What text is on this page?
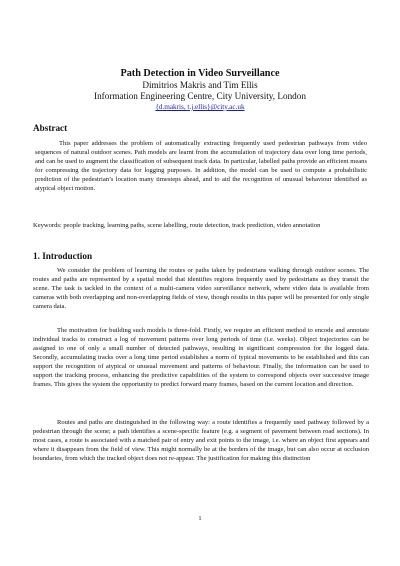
Path Detection in Video Surveillance
Dimitrios Makris and Tim Ellis
Information Engineering Centre, City University, London
{d.makris, t.j.ellis}@city.ac.uk
Abstract
This paper addresses the problem of automatically extracting frequently used pedestrian pathways from video sequences of natural outdoor scenes. Path models are learnt from the accumulation of trajectory data over long time periods, and can be used to augment the classification of subsequent track data. In particular, labelled paths provide an efficient means for compressing the trajectory data for logging purposes. In addition, the model can be used to compute a probabilistic prediction of the pedestrian’s location many timesteps ahead, and to aid the recognition of unusual behaviour identified as atypical object motion.
Keywords: people tracking, learning paths, scene labelling, route detection, track prediction, video annotation
1. Introduction
We consider the problem of learning the routes or paths taken by pedestrians walking through outdoor scenes. The routes and paths are represented by a spatial model that identifies regions frequently used by pedestrians as they transit the scene. The task is tackled in the context of a multi-camera video surveillance network, where video data is available from cameras with both overlapping and non-overlapping fields of view, though results in this paper will be presented for only single camera data.
The motivation for building such models is three-fold. Firstly, we require an efficient method to encode and annotate individual tracks to construct a log of movement patterns over long periods of time (i.e. weeks). Object trajectories can be assigned to one of only a small number of detected pathways, resulting in significant compression for the logged data. Secondly, accumulating tracks over a long time period establishes a norm of typical movements to be established and this can support the recognition of atypical or unusual movement and patterns of behaviour. Finally, the information can be used to support the tracking process, enhancing the predictive capabilities of the system to correspond objects over successive image frames. This gives the system the opportunity to predict forward many frames, based on the current location and direction.
Routes and paths are distinguished in the following way: a route identifies a frequently used pathway followed by a pedestrian through the scene; a path identifies a scene-specific feature (e.g. a segment of pavement between road sections). In most cases, a route is associated with a matched pair of entry and exit points to the image, i.e. where an object first appears and where it disappears from the field of view. This might normally be at the borders of the image, but can also occur at occlusion boundaries, from which the tracked object does not re-appear. The justification for making this distinction
1
